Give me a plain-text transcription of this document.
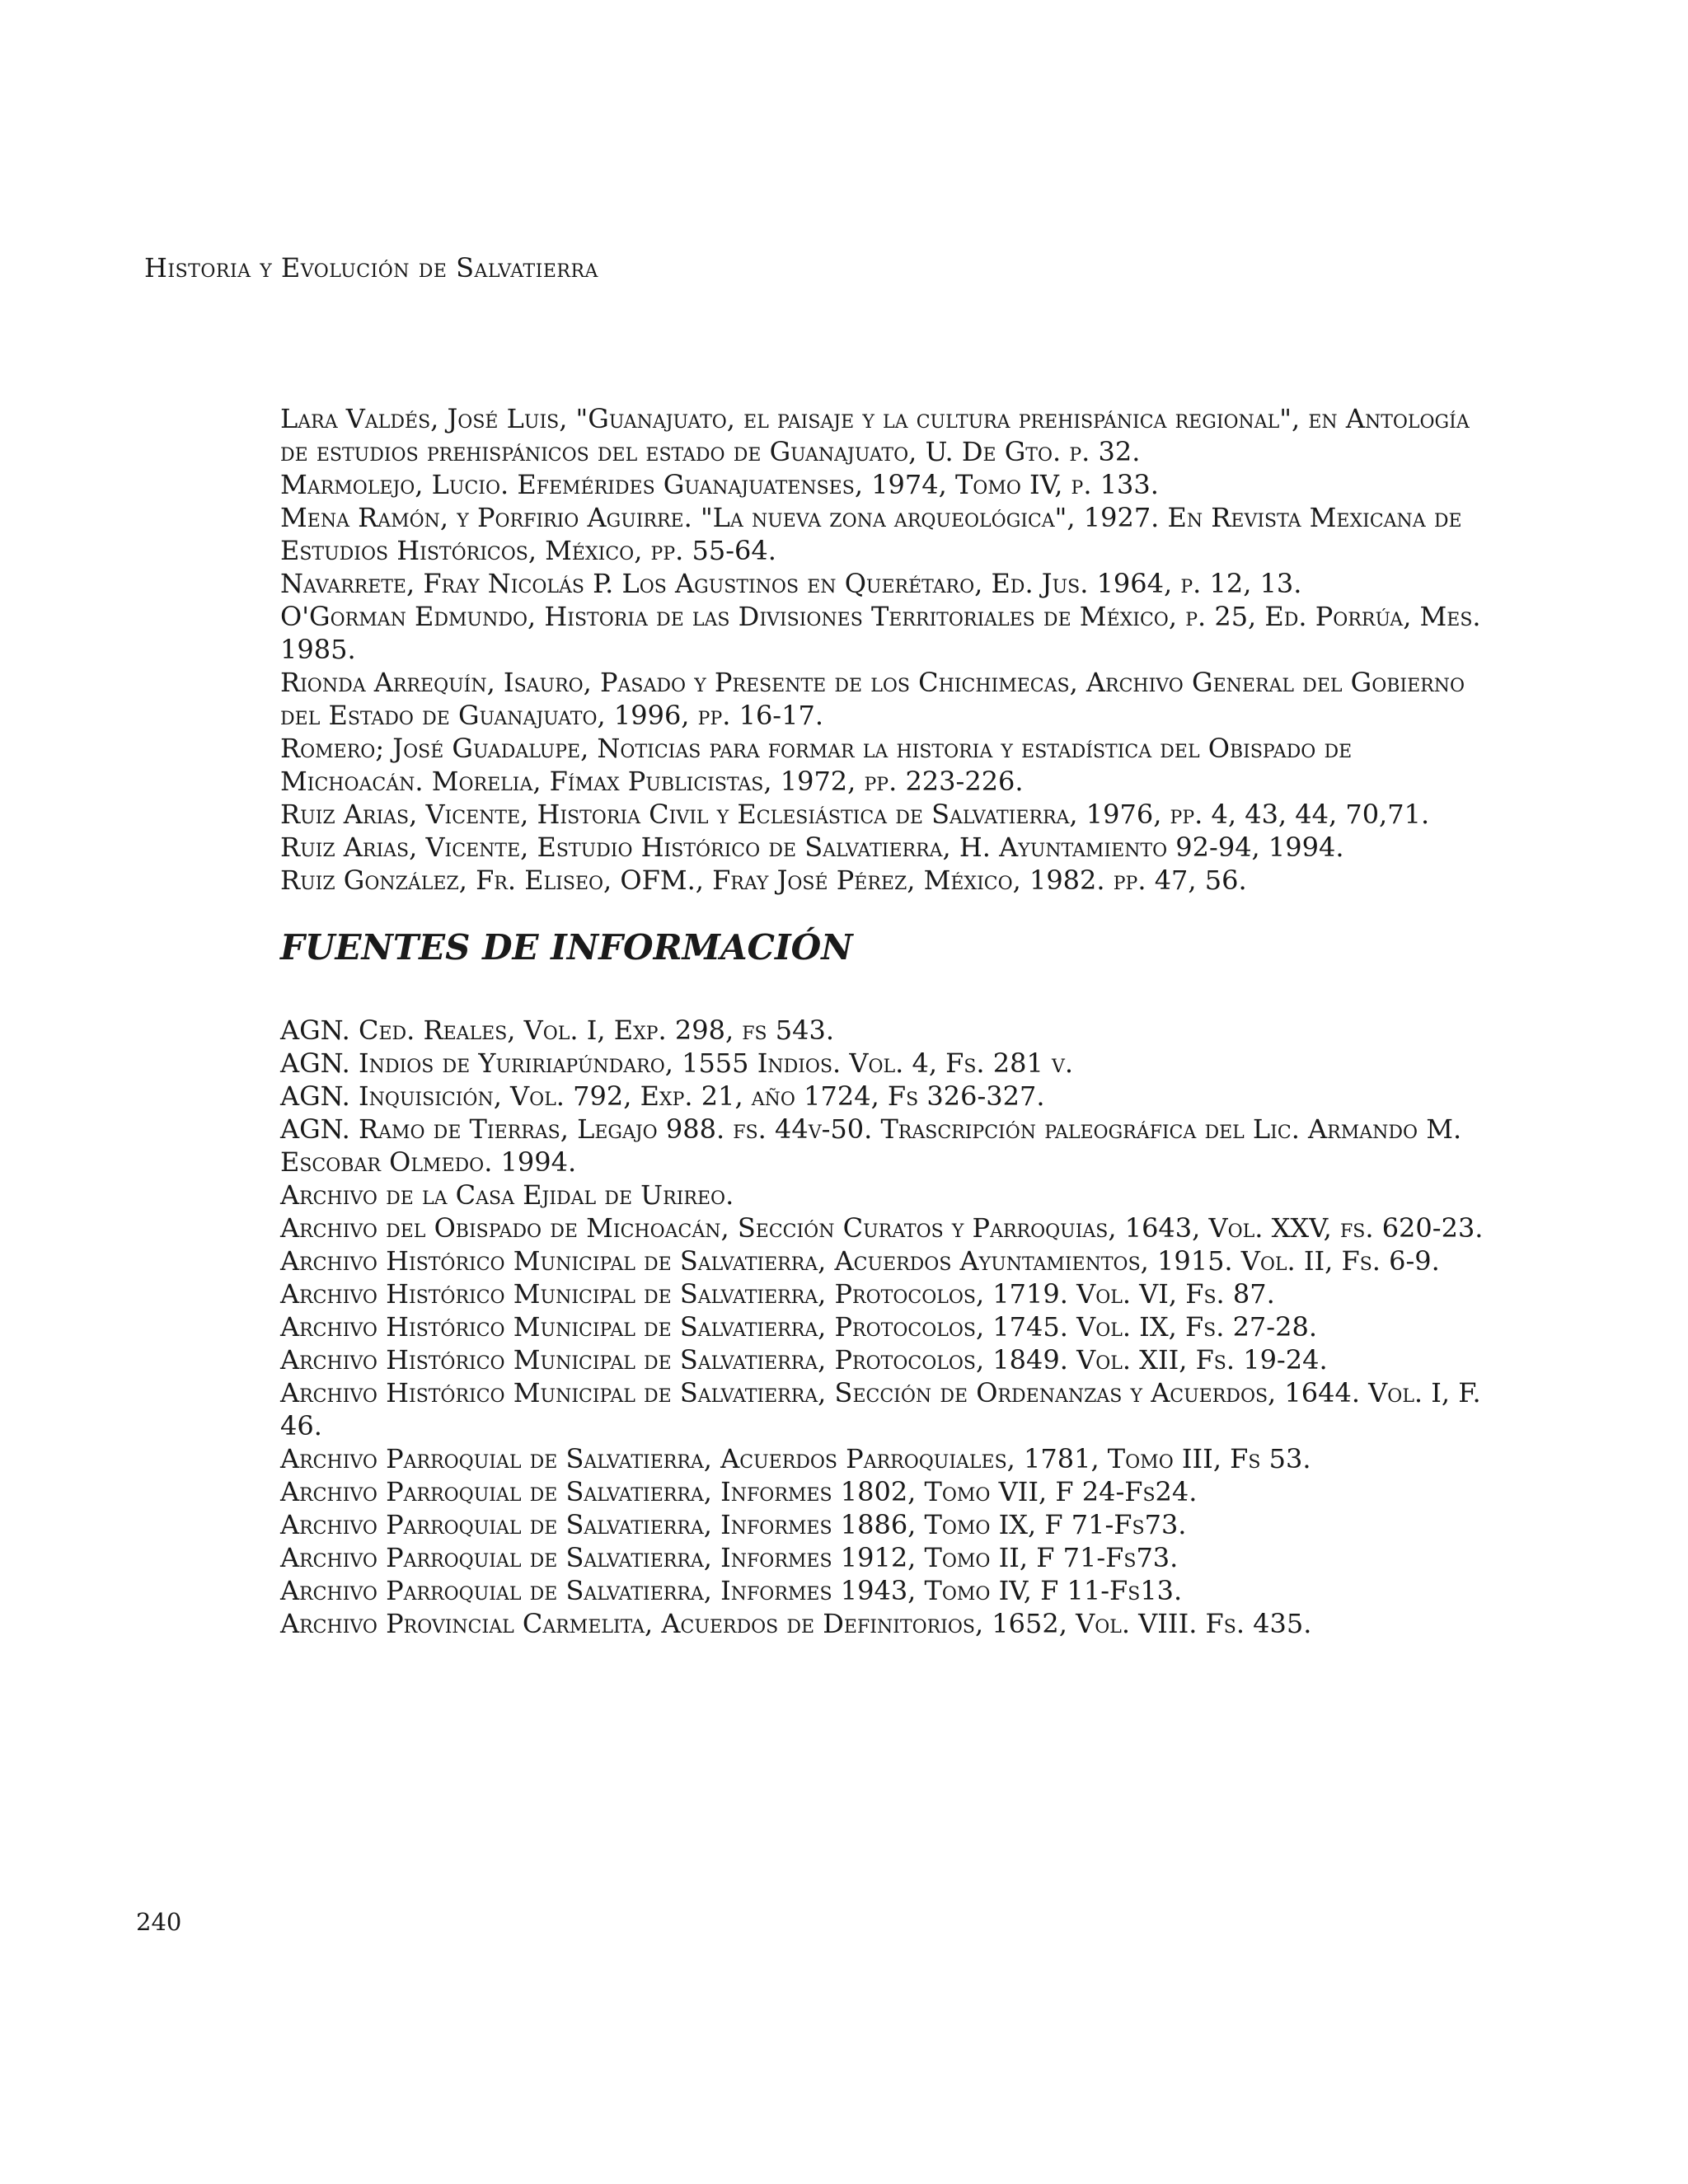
Historia y Evolución de Salvatierra

Lara Valdés, José Luis, "Guanajuato, el paisaje y la cultura prehispánica regional", en Antología de estudios prehispánicos del estado de Guanajuato, U. De Gto. p. 32.

Marmolejo, Lucio. Efemérides Guanajuatenses, 1974, Tomo IV, p. 133.

Mena Ramón, y Porfirio Aguirre. "La nueva zona arqueológica", 1927. En Revista Mexicana de Estudios Históricos, México, pp. 55-64.

Navarrete, Fray Nicolás P. Los Agustinos en Querétaro, Ed. Jus. 1964, p. 12, 13.

O'Gorman Edmundo, Historia de las Divisiones Territoriales de México, p. 25, Ed. Porrúa, Mes. 1985.

Rionda Arrequín, Isauro, Pasado y Presente de los Chichimecas, Archivo General del Gobierno del Estado de Guanajuato, 1996, pp. 16-17.

Romero; José Guadalupe, Noticias para formar la historia y estadística del Obispado de Michoacán. Morelia, Fímax Publicistas, 1972, pp. 223-226.

Ruiz Arias, Vicente, Historia Civil y Eclesiástica de Salvatierra, 1976, pp. 4, 43, 44, 70,71.

Ruiz Arias, Vicente, Estudio Histórico de Salvatierra, H. Ayuntamiento 92-94, 1994.

Ruiz González, Fr. Eliseo, OFM., Fray José Pérez, México, 1982. pp. 47, 56.

FUENTES DE INFORMACIÓN

AGN. Ced. Reales, Vol. I, Exp. 298, fs 543.

AGN. Indios de Yuririapúndaro, 1555 Indios. Vol. 4, Fs. 281 v.

AGN. Inquisición, Vol. 792, Exp. 21, año 1724, Fs 326-327.

AGN. Ramo de Tierras, Legajo 988. fs. 44v-50. Trascripción paleográfica del Lic. Armando M. Escobar Olmedo. 1994.

Archivo de la Casa Ejidal de Urireo.

Archivo del Obispado de Michoacán, Sección Curatos y Parroquias, 1643, Vol. XXV, fs. 620-23.

Archivo Histórico Municipal de Salvatierra, Acuerdos Ayuntamientos, 1915. Vol. II, Fs. 6-9.

Archivo Histórico Municipal de Salvatierra, Protocolos, 1719. Vol. VI, Fs. 87.

Archivo Histórico Municipal de Salvatierra, Protocolos, 1745. Vol. IX, Fs. 27-28.

Archivo Histórico Municipal de Salvatierra, Protocolos, 1849. Vol. XII, Fs. 19-24.

Archivo Histórico Municipal de Salvatierra, Sección de Ordenanzas y Acuerdos, 1644. Vol. I, F. 46.

Archivo Parroquial de Salvatierra, Acuerdos Parroquiales, 1781, Tomo III, Fs 53.

Archivo Parroquial de Salvatierra, Informes 1802, Tomo VII, F 24-Fs24.

Archivo Parroquial de Salvatierra, Informes 1886, Tomo IX, F 71-Fs73.

Archivo Parroquial de Salvatierra, Informes 1912, Tomo II, F 71-Fs73.

Archivo Parroquial de Salvatierra, Informes 1943, Tomo IV, F 11-Fs13.

Archivo Provincial Carmelita, Acuerdos de Definitorios, 1652, Vol. VIII. Fs. 435.

240
